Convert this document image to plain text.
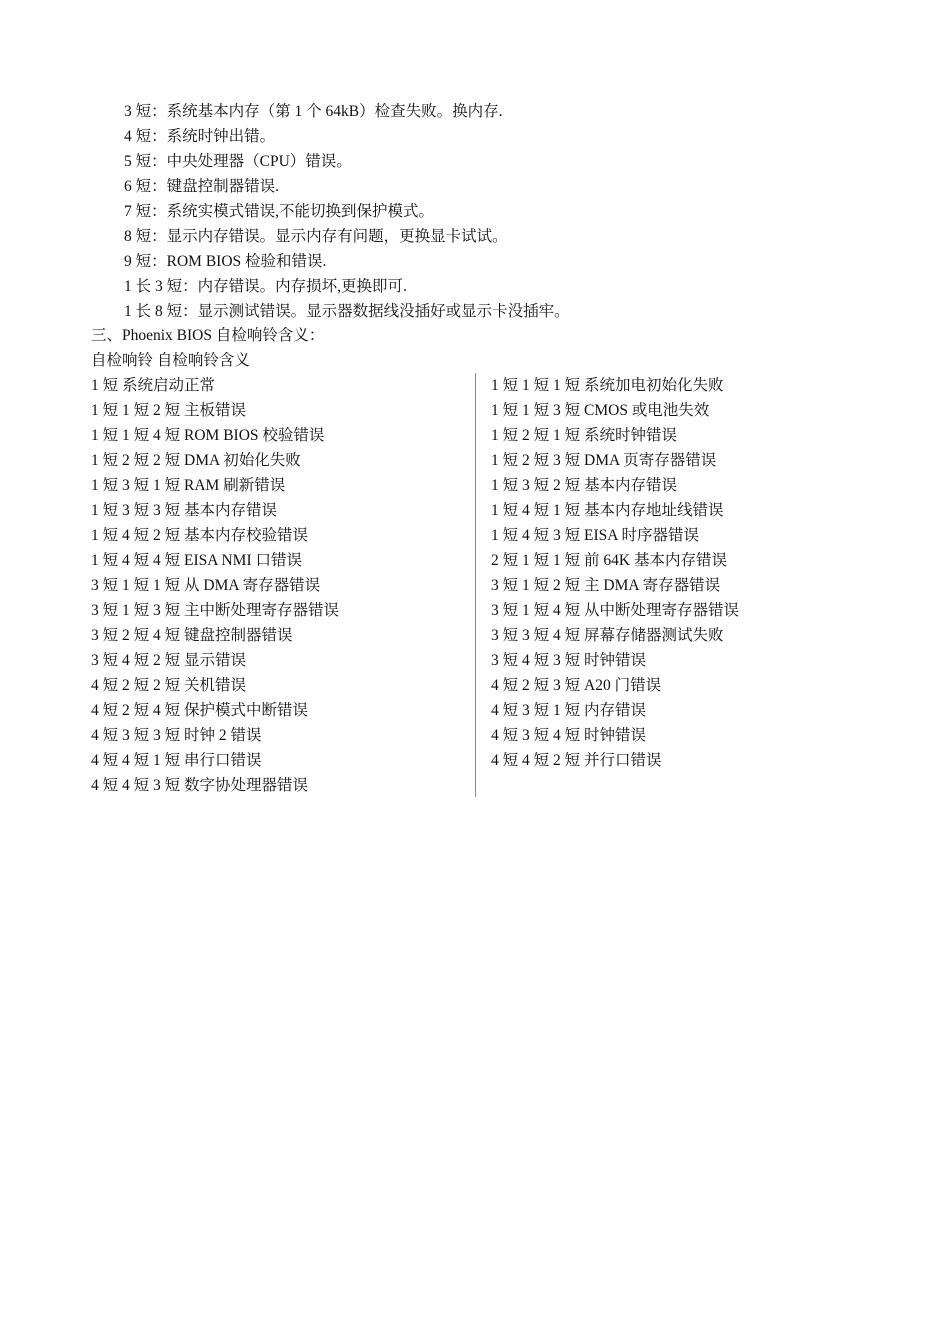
3 短：系统基本内存（第 1 个 64kB）检查失败。换内存.
4 短：系统时钟出错。
5 短：中央处理器（CPU）错误。
6 短：键盘控制器错误.
7 短：系统实模式错误,不能切换到保护模式。
8 短：显示内存错误。显示内存有问题，更换显卡试试。
9 短：ROM BIOS 检验和错误.
1 长 3 短：内存错误。内存损坏,更换即可.
1 长 8 短：显示测试错误。显示器数据线没插好或显示卡没插牢。
三、Phoenix BIOS 自检响铃含义：
自检响铃 自检响铃含义
1 短 系统启动正常
1 短 1 短 2 短 主板错误
1 短 1 短 4 短 ROM BIOS 校验错误
1 短 2 短 2 短 DMA 初始化失败
1 短 3 短 1 短 RAM 刷新错误
1 短 3 短 3 短 基本内存错误
1 短 4 短 2 短 基本内存校验错误
1 短 4 短 4 短 EISA NMI 口错误
3 短 1 短 1 短 从 DMA 寄存器错误
3 短 1 短 3 短 主中断处理寄存器错误
3 短 2 短 4 短 键盘控制器错误
3 短 4 短 2 短 显示错误
4 短 2 短 2 短 关机错误
4 短 2 短 4 短 保护模式中断错误
4 短 3 短 3 短 时钟 2 错误
4 短 4 短 1 短 串行口错误
4 短 4 短 3 短 数字协处理器错误
1 短 1 短 1 短 系统加电初始化失败
1 短 1 短 3 短 CMOS 或电池失效
1 短 2 短 1 短 系统时钟错误
1 短 2 短 3 短 DMA 页寄存器错误
1 短 3 短 2 短 基本内存错误
1 短 4 短 1 短 基本内存地址线错误
1 短 4 短 3 短 EISA 时序器错误
2 短 1 短 1 短 前 64K 基本内存错误
3 短 1 短 2 短 主 DMA 寄存器错误
3 短 1 短 4 短 从中断处理寄存器错误
3 短 3 短 4 短 屏幕存储器测试失败
3 短 4 短 3 短 时钟错误
4 短 2 短 3 短 A20 门错误
4 短 3 短 1 短 内存错误
4 短 3 短 4 短 时钟错误
4 短 4 短 2 短 并行口错误
